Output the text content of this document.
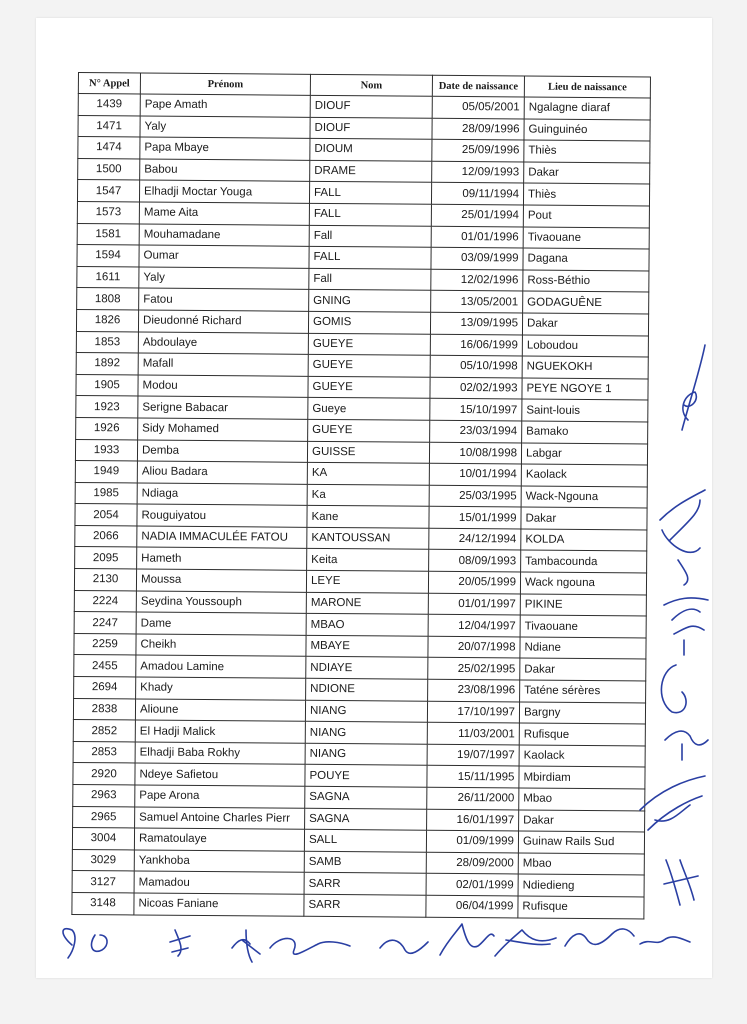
N° Appel	Prénom	Nom	Date de naissance	Lieu de naissance
1439	Pape Amath	DIOUF	05/05/2001	Ngalagne diaraf
1471	Yaly	DIOUF	28/09/1996	Guinguinéo
1474	Papa Mbaye	DIOUM	25/09/1996	Thiès
1500	Babou	DRAME	12/09/1993	Dakar
1547	Elhadji Moctar Youga	FALL	09/11/1994	Thiès
1573	Mame Aita	FALL	25/01/1994	Pout
1581	Mouhamadane	Fall	01/01/1996	Tivaouane
1594	Oumar	FALL	03/09/1999	Dagana
1611	Yaly	Fall	12/02/1996	Ross-Béthio
1808	Fatou	GNING	13/05/2001	GODAGUÊNE
1826	Dieudonné Richard	GOMIS	13/09/1995	Dakar
1853	Abdoulaye	GUEYE	16/06/1999	Loboudou
1892	Mafall	GUEYE	05/10/1998	NGUEKOKH
1905	Modou	GUEYE	02/02/1993	PEYE NGOYE 1
1923	Serigne Babacar	Gueye	15/10/1997	Saint-louis
1926	Sidy Mohamed	GUEYE	23/03/1994	Bamako
1933	Demba	GUISSE	10/08/1998	Labgar
1949	Aliou Badara	KA	10/01/1994	Kaolack
1985	Ndiaga	Ka	25/03/1995	Wack-Ngouna
2054	Rouguiyatou	Kane	15/01/1999	Dakar
2066	NADIA IMMACULÉE FATOU	KANTOUSSAN	24/12/1994	KOLDA
2095	Hameth	Keita	08/09/1993	Tambacounda
2130	Moussa	LEYE	20/05/1999	Wack ngouna
2224	Seydina Youssouph	MARONE	01/01/1997	PIKINE
2247	Dame	MBAO	12/04/1997	Tivaouane
2259	Cheikh	MBAYE	20/07/1998	Ndiane
2455	Amadou Lamine	NDIAYE	25/02/1995	Dakar
2694	Khady	NDIONE	23/08/1996	Taténe sérères
2838	Alioune	NIANG	17/10/1997	Bargny
2852	El Hadji Malick	NIANG	11/03/2001	Rufisque
2853	Elhadji Baba Rokhy	NIANG	19/07/1997	Kaolack
2920	Ndeye Safietou	POUYE	15/11/1995	Mbirdiam
2963	Pape Arona	SAGNA	26/11/2000	Mbao
2965	Samuel Antoine Charles Pierr	SAGNA	16/01/1997	Dakar
3004	Ramatoulaye	SALL	01/09/1999	Guinaw Rails Sud
3029	Yankhoba	SAMB	28/09/2000	Mbao
3127	Mamadou	SARR	02/01/1999	Ndiedieng
3148	Nicoas Faniane	SARR	06/04/1999	Rufisque
